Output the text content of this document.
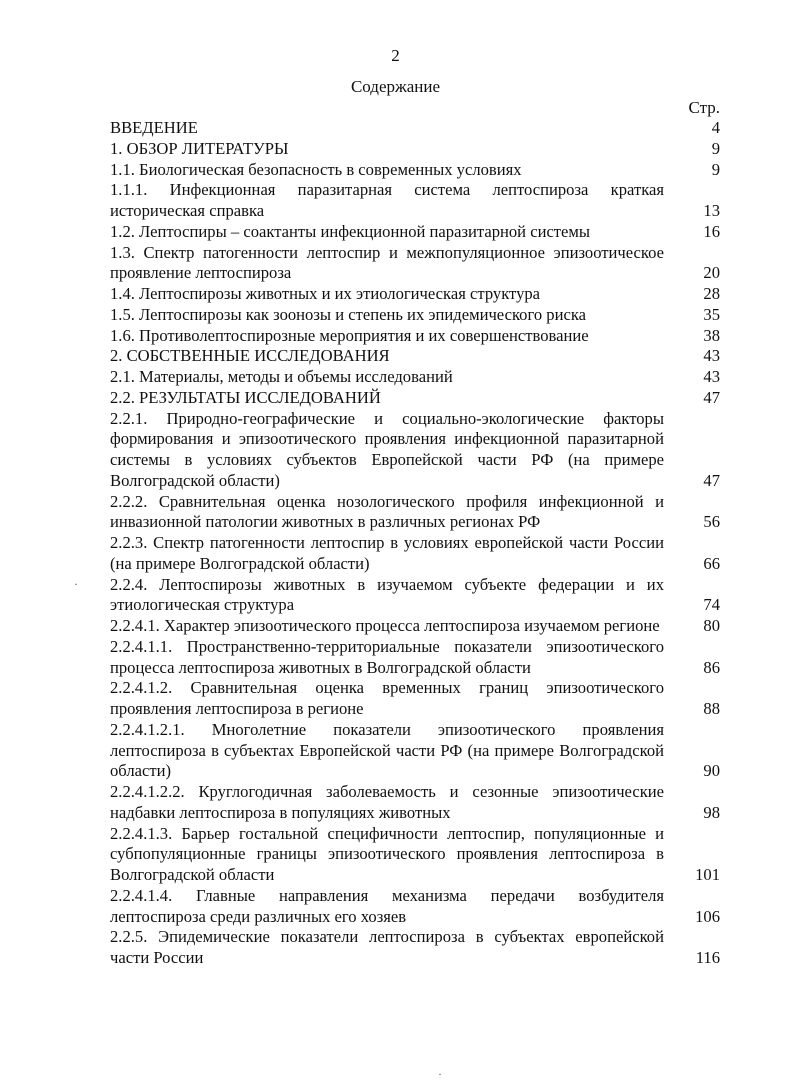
2
Содержание
Стр.
ВВЕДЕНИЕ	4
1. ОБЗОР ЛИТЕРАТУРЫ	9
1.1. Биологическая безопасность в современных условиях	9
1.1.1. Инфекционная паразитарная система лептоспироза краткая историческая справка	13
1.2. Лептоспиры – соактанты инфекционной паразитарной системы	16
1.3. Спектр патогенности лептоспир и межпопуляционное эпизоотическое проявление лептоспироза	20
1.4. Лептоспирозы животных и их этиологическая структура	28
1.5. Лептоспирозы как зоонозы и степень их эпидемического риска	35
1.6. Противолептоспирозные мероприятия и их совершенствование	38
2. СОБСТВЕННЫЕ ИССЛЕДОВАНИЯ	43
2.1. Материалы, методы и объемы исследований	43
2.2. РЕЗУЛЬТАТЫ ИССЛЕДОВАНИЙ	47
2.2.1. Природно-географические и социально-экологические факторы формирования и эпизоотического проявления инфекционной паразитарной системы в условиях субъектов Европейской части РФ (на примере Волгоградской области)	47
2.2.2. Сравнительная оценка нозологического профиля инфекционной и инвазионной патологии животных в различных регионах РФ	56
2.2.3. Спектр патогенности лептоспир в условиях европейской части России (на примере Волгоградской области)	66
2.2.4. Лептоспирозы животных в изучаемом субъекте федерации и их этиологическая структура	74
2.2.4.1. Характер эпизоотического процесса лептоспироза изучаемом регионе	80
2.2.4.1.1. Пространственно-территориальные показатели эпизоотического процесса лептоспироза животных в Волгоградской области	86
2.2.4.1.2. Сравнительная оценка временных границ эпизоотического проявления лептоспироза в регионе	88
2.2.4.1.2.1. Многолетние показатели эпизоотического проявления лептоспироза в субъектах Европейской части РФ (на примере Волгоградской области)	90
2.2.4.1.2.2. Круглогодичная заболеваемость и сезонные эпизоотические надбавки лептоспироза в популяциях животных	98
2.2.4.1.3. Барьер гостальной специфичности лептоспир, популяционные и субпопуляционные границы эпизоотического проявления лептоспироза в Волгоградской области	101
2.2.4.1.4. Главные направления механизма передачи возбудителя лептоспироза среди различных его хозяев	106
2.2.5. Эпидемические показатели лептоспироза в субъектах европейской части России	116
·
·
